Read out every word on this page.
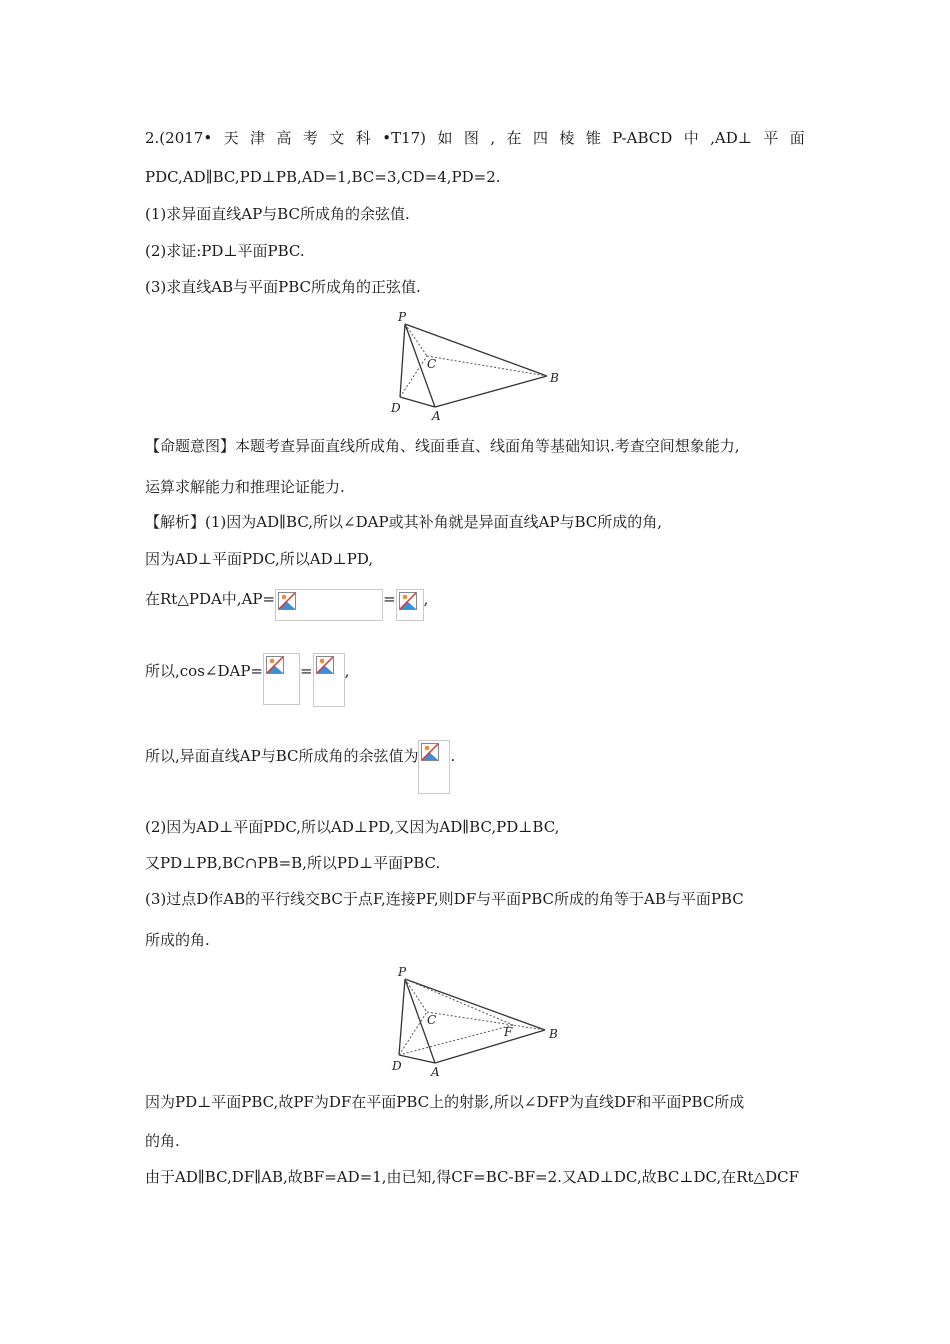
2.(2017• 天 津 高 考 文 科 •T17) 如 图 , 在 四 棱 锥 P-ABCD 中 ,AD⊥ 平 面
PDC,AD∥BC,PD⊥PB,AD=1,BC=3,CD=4,PD=2.
(1)求异面直线AP与BC所成角的余弦值.
(2)求证:PD⊥平面PBC.
(3)求直线AB与平面PBC所成角的正弦值.
P
C
B
D
A
【命题意图】本题考查异面直线所成角、线面垂直、线面角等基础知识.考查空间想象能力,
运算求解能力和推理论证能力.
【解析】(1)因为AD∥BC,所以∠DAP或其补角就是异面直线AP与BC所成的角,
因为AD⊥平面PDC,所以AD⊥PD,
在Rt△PDA中,AP=	= ,
所以,cos∠DAP= = ,
所以,异面直线AP与BC所成角的余弦值为 .
(2)因为AD⊥平面PDC,所以AD⊥PD,又因为AD∥BC,PD⊥BC,
又PD⊥PB,BC∩PB=B,所以PD⊥平面PBC.
(3)过点D作AB的平行线交BC于点F,连接PF,则DF与平面PBC所成的角等于AB与平面PBC
所成的角.
P
C
F	B
D A
因为PD⊥平面PBC,故PF为DF在平面PBC上的射影,所以∠DFP为直线DF和平面PBC所成
的角.
由于AD∥BC,DF∥AB,故BF=AD=1,由已知,得CF=BC-BF=2.又AD⊥DC,故BC⊥DC,在Rt△DCF
